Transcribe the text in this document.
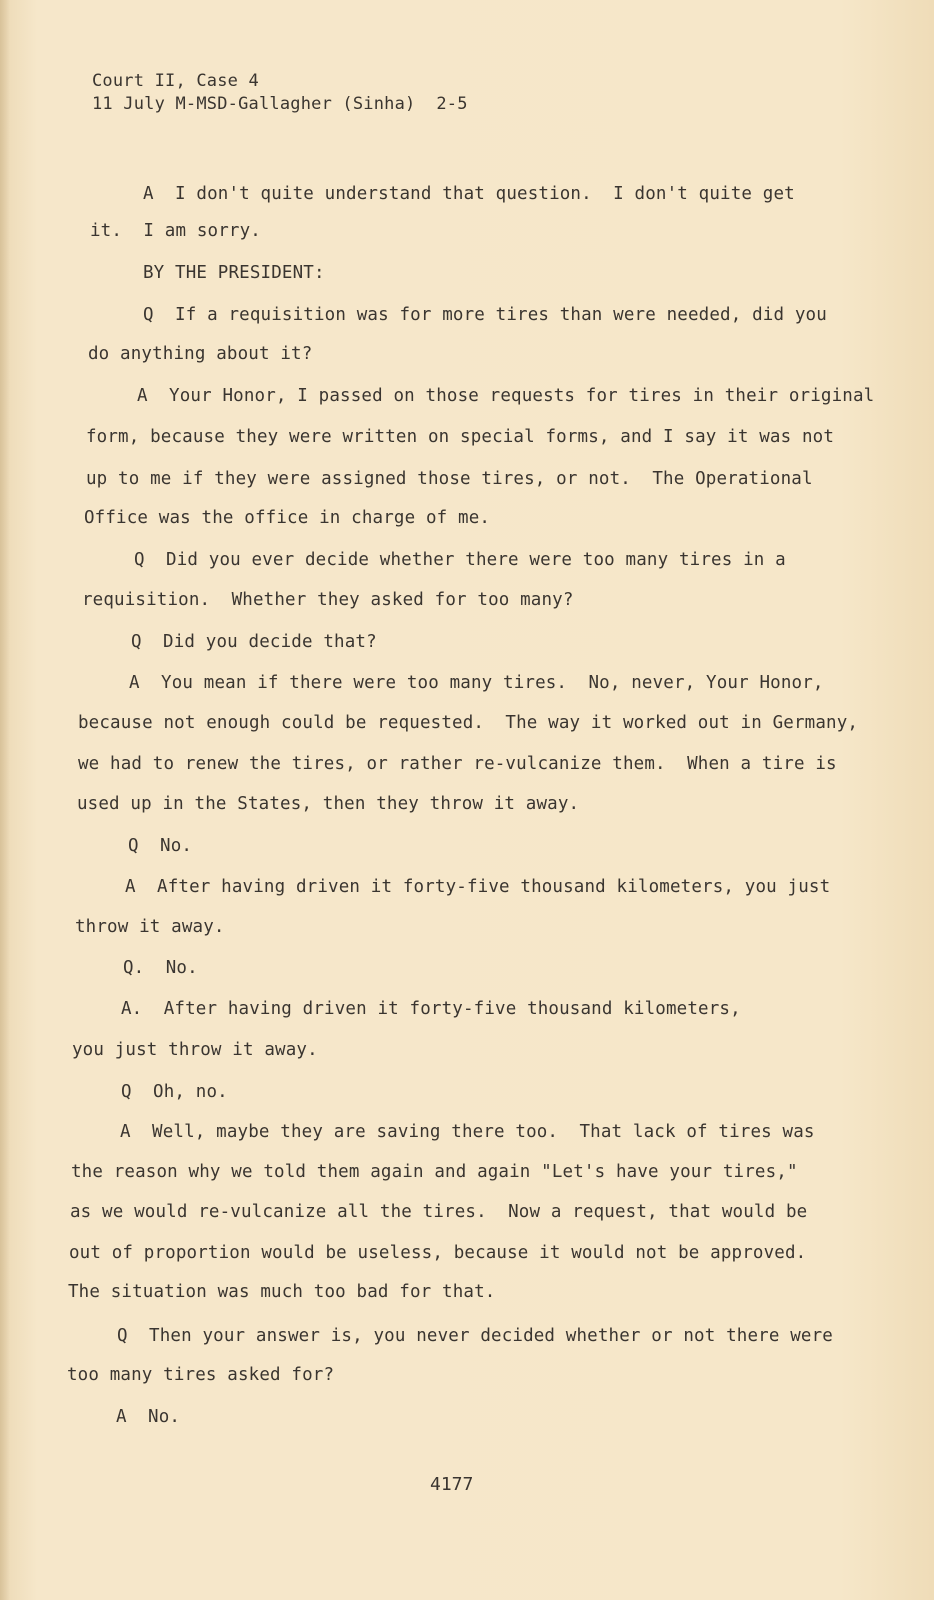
Court II, Case 4
11 July M-MSD-Gallagher (Sinha)  2-5
A  I don't quite understand that question.  I don't quite get
it.  I am sorry.
BY THE PRESIDENT:
Q  If a requisition was for more tires than were needed, did you
do anything about it?
A  Your Honor, I passed on those requests for tires in their original
form, because they were written on special forms, and I say it was not
up to me if they were assigned those tires, or not.  The Operational
Office was the office in charge of me.
Q  Did you ever decide whether there were too many tires in a
requisition.  Whether they asked for too many?
Q  Did you decide that?
A  You mean if there were too many tires.  No, never, Your Honor,
because not enough could be requested.  The way it worked out in Germany,
we had to renew the tires, or rather re-vulcanize them.  When a tire is
used up in the States, then they throw it away.
Q  No.
A  After having driven it forty-five thousand kilometers, you just
throw it away.
Q.  No.
A.  After having driven it forty-five thousand kilometers,
you just throw it away.
Q  Oh, no.
A  Well, maybe they are saving there too.  That lack of tires was
the reason why we told them again and again "Let's have your tires,"
as we would re-vulcanize all the tires.  Now a request, that would be
out of proportion would be useless, because it would not be approved.
The situation was much too bad for that.
Q  Then your answer is, you never decided whether or not there were
too many tires asked for?
A  No.
4177
